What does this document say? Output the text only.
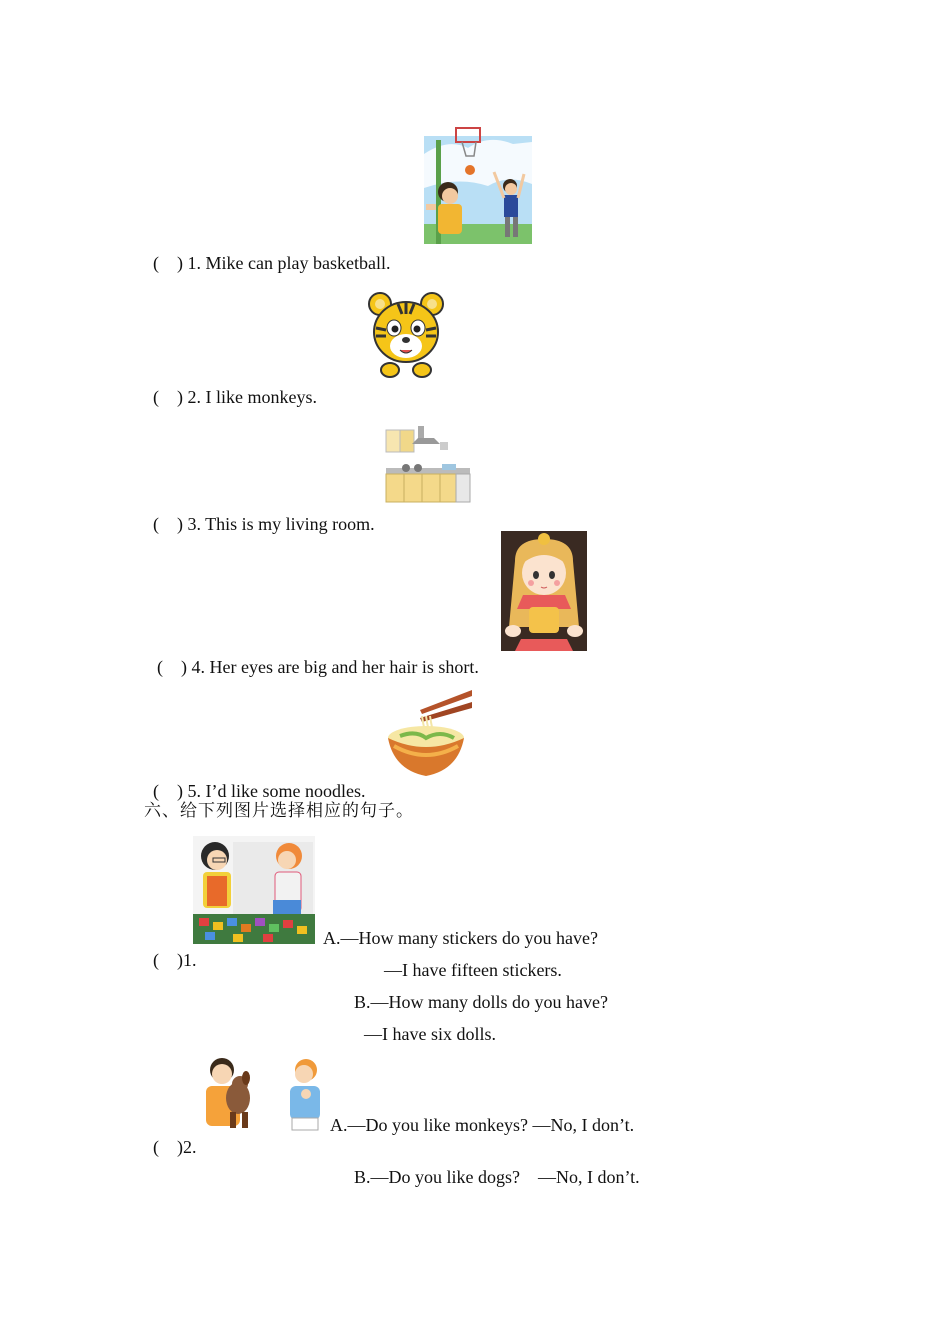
(    ) 1. Mike can play basketball.

(    ) 2. I like monkeys.

(    ) 3. This is my living room.

(    ) 4. Her eyes are big and her hair is short.

(    ) 5. I’d like some noodles.

六、给下列图片选择相应的句子。

(    )1.

A.—How many stickers do you have?
—I have fifteen stickers.
B.—How many dolls do you have?
—I have six dolls.

(    )2.

A.—Do you like monkeys? —No, I don’t.
B.—Do you like dogs?    —No, I don’t.
